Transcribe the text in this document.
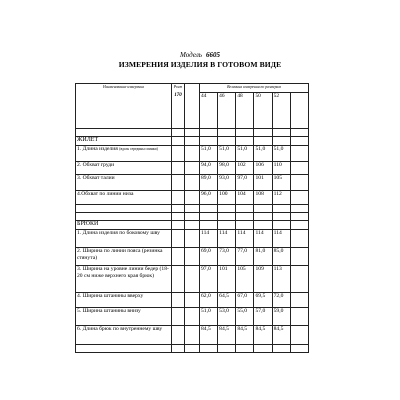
Модель 6605
ИЗМЕРЕНИЯ ИЗДЕЛИЯ В ГОТОВОМ ВИДЕ
Наименование измерения	Рост
170		Величина измерения по размерам					
			44	46	48	50	52	

ЖИЛЕТ								
1. Длина изделия (вдоль середины спинки)			51,0	51,0	51,0	51,0	51,0	
2. Обхват груди			94,0	98,0	102	106	110	
3. Обхват талии			89,0	93,0	97,0	101	105	
4.Обхват по линии низа			96,0	100	104	108	112	

БРЮКИ								
1. Длина изделия по боковому шву			114	114	114	114	114	
2. Ширина по линии пояса (резинка стянута)			69,0	73,0	77,0	81,0	85,0	
3. Ширина на уровне линии бедер (18-20 см ниже верхнего края брюк)			97,0	101	105	109	113	
4. Ширина штанины вверху			62,0	64,5	67,0	69,5	72,0	
5. Ширина штанины внизу			51,0	53,0	55,0	57,0	59,0	
6. Длина брюк по внутреннему шву			84,5	84,5	84,5	84,5	84,5	
